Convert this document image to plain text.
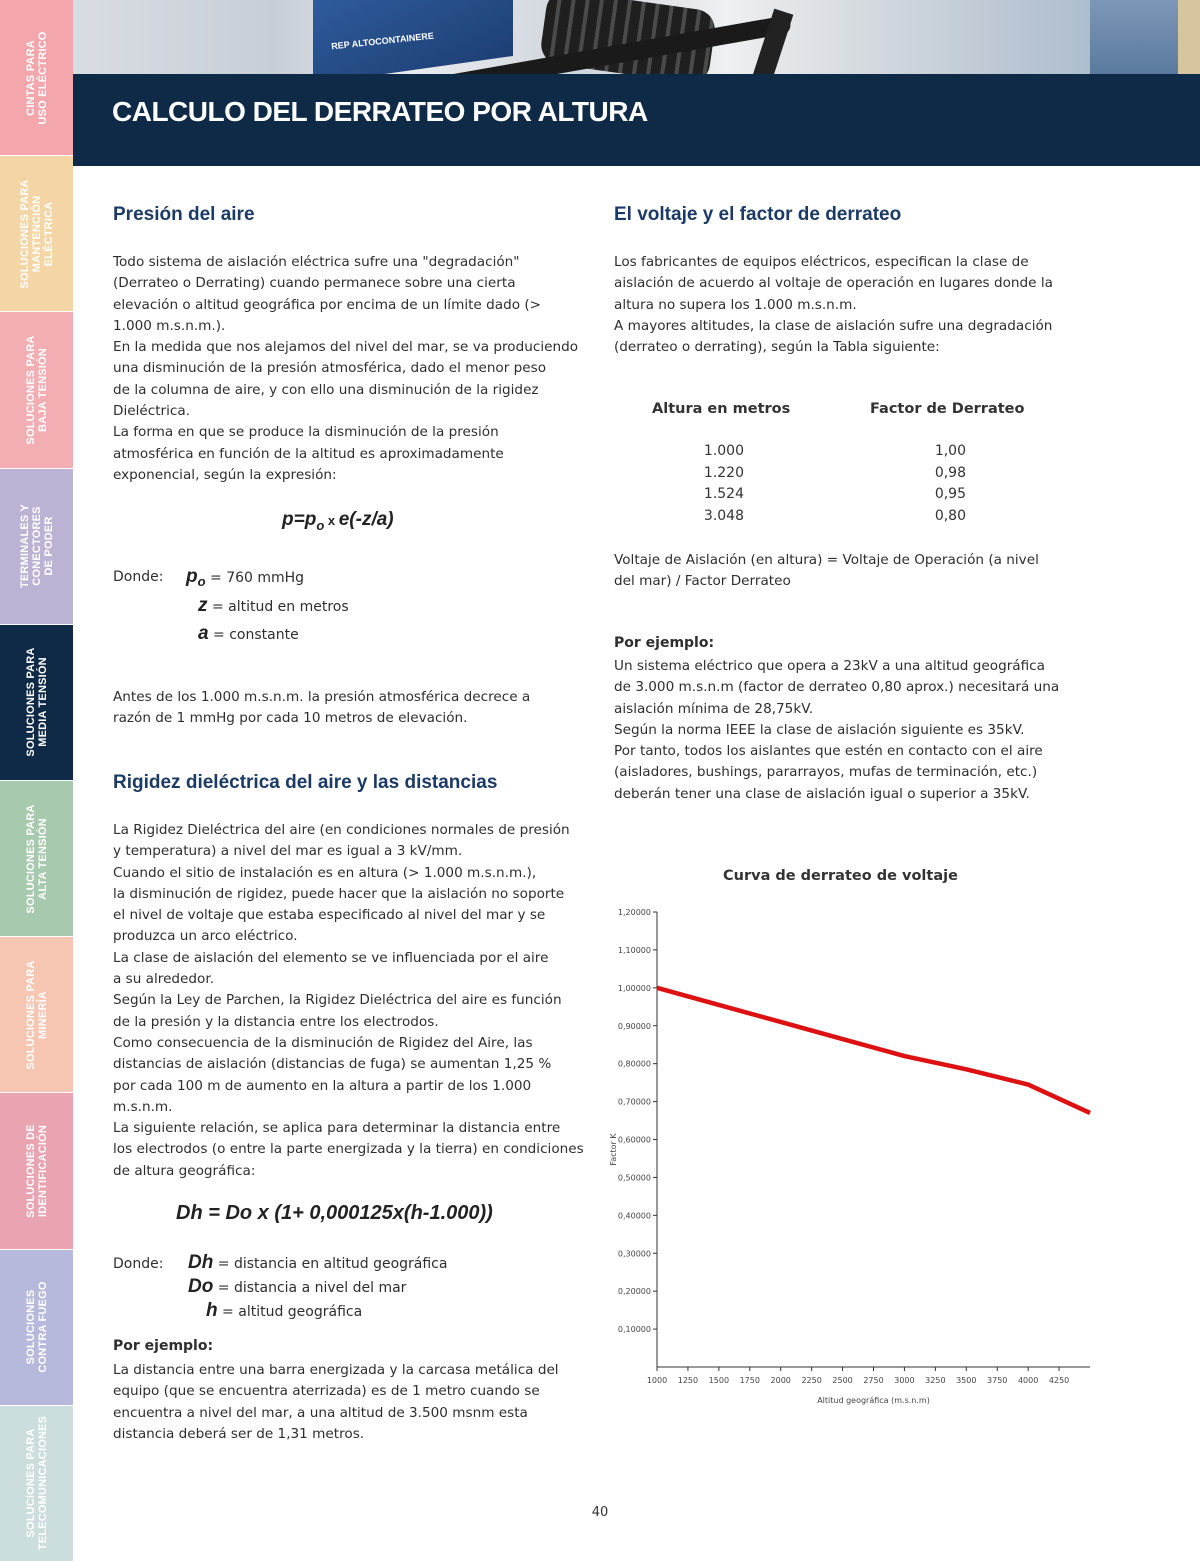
CINTAS PARA
USO ELÉCTRICO
SOLUCIONES PARA
MANTENCIÓN
ELÉCTRICA
SOLUCIONES PARA
BAJA TENSIÓN
TERMINALES Y
CONECTORES
DE PODER
SOLUCIONES PARA
MEDIA TENSIÓN
SOLUCIONES PARA
ALTA TENSIÓN
SOLUCIONES PARA
MINERÍA
SOLUCIONES DE
IDENTIFICACIÓN
SOLUCIONES
CONTRA FUEGO
SOLUCIONES PARA
TELECOMUNICACIONES
REP ALTOCONTAINERE
CALCULO DEL DERRATEO POR ALTURA
Presión del aire
Todo sistema de aislación eléctrica sufre una "degradación"
(Derrateo o Derrating) cuando permanece sobre una cierta
elevación o altitud geográfica por encima de un límite dado (>
1.000 m.s.n.m.).
En la medida que nos alejamos del nivel del mar, se va produciendo
una disminución de la presión atmosférica, dado el menor peso
de la columna de aire, y con ello una disminución de la rigidez
Dieléctrica.
La forma en que se produce la disminución de la presión
atmosférica en función de la altitud es aproximadamente
exponencial, según la expresión:
$p=p_o$ x e(-z/a)
Donde: $p_o = 760$ mmHg
z = altitud en metros
a = constante
Antes de los 1.000 m.s.n.m. la presión atmosférica decrece a
razón de 1 mmHg por cada 10 metros de elevación.
Rigidez dieléctrica del aire y las distancias
La Rigidez Dieléctrica del aire (en condiciones normales de presión
y temperatura) a nivel del mar es igual a 3 kV/mm.
Cuando el sitio de instalación es en altura (> 1.000 m.s.n.m.),
la disminución de rigidez, puede hacer que la aislación no soporte
el nivel de voltaje que estaba especificado al nivel del mar y se
produzca un arco eléctrico.
La clase de aislación del elemento se ve influenciada por el aire
a su alrededor.
Según la Ley de Parchen, la Rigidez Dieléctrica del aire es función
de la presión y la distancia entre los electrodos.
Como consecuencia de la disminución de Rigidez del Aire, las
distancias de aislación (distancias de fuga) se aumentan 1,25 %
por cada 100 m de aumento en la altura a partir de los 1.000
m.s.n.m.
La siguiente relación, se aplica para determinar la distancia entre
los electrodos (o entre la parte energizada y la tierra) en condiciones
de altura geográfica:
Dh = Do x (1+ 0,000125x(h-1.000))
Donde: Dh = distancia en altitud geográfica
Do = distancia a nivel del mar
h = altitud geográfica
Por ejemplo:
La distancia entre una barra energizada y la carcasa metálica del
equipo (que se encuentra aterrizada) es de 1 metro cuando se
encuentra a nivel del mar, a una altitud de 3.500 msnm esta
distancia deberá ser de 1,31 metros.
El voltaje y el factor de derrateo
Los fabricantes de equipos eléctricos, especifican la clase de
aislación de acuerdo al voltaje de operación en lugares donde la
altura no supera los 1.000 m.s.n.m.
A mayores altitudes, la clase de aislación sufre una degradación
(derrateo o derrating), según la Tabla siguiente:
Altura en metros	Factor de Derrateo
1.000	1,00
1.220	0,98
1.524	0,95
3.048	0,80
Voltaje de Aislación (en altura) = Voltaje de Operación (a nivel
del mar) / Factor Derrateo
Por ejemplo:
Un sistema eléctrico que opera a 23kV a una altitud geográfica
de 3.000 m.s.n.m (factor de derrateo 0,80 aprox.) necesitará una
aislación mínima de 28,75kV.
Según la norma IEEE la clase de aislación siguiente es 35kV.
Por tanto, todos los aislantes que estén en contacto con el aire
(aisladores, bushings, pararrayos, mufas de terminación, etc.)
deberán tener una clase de aislación igual o superior a 35kV.
Curva de derrateo de voltaje
1,20000
1,10000
1,00000
0,90000
0,80000
0,70000
0,60000
0,50000
0,40000
0,30000
0,20000
0,10000
1000 1250 1500 1750 2000 2250 2500 2750 3000 3250 3500 3750 4000 4250
Altitud geográfica (m.s.n.m)
Factor K
40
